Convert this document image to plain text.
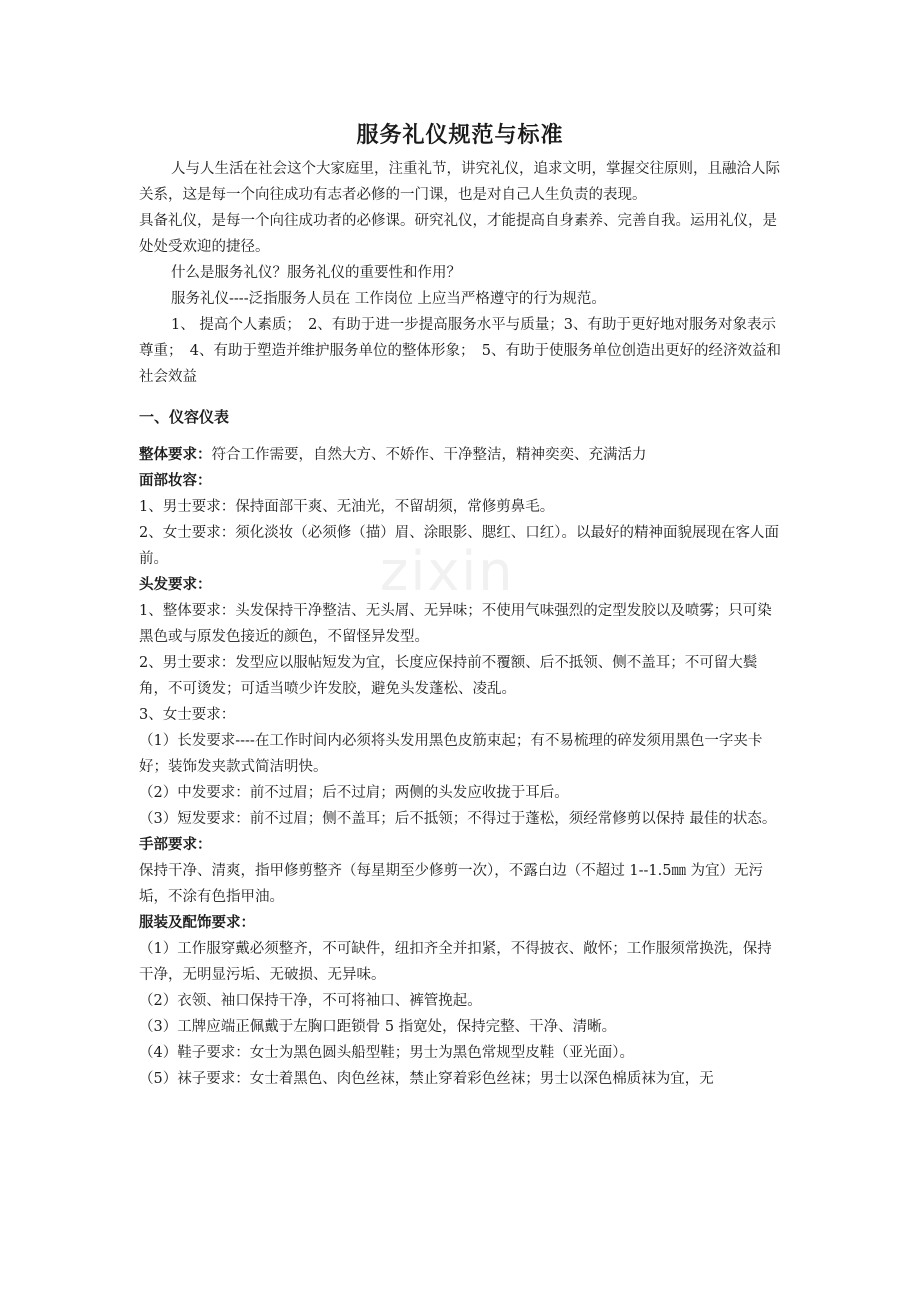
zixin
服务礼仪规范与标准

人与人生活在社会这个大家庭里，注重礼节，讲究礼仪，追求文明，掌握交往原则，且融洽人际关系，这是每一个向往成功有志者必修的一门课，也是对自己人生负责的表现。

具备礼仪，是每一个向往成功者的必修课。研究礼仪，才能提高自身素养、完善自我。运用礼仪，是处处受欢迎的捷径。

什么是服务礼仪？服务礼仪的重要性和作用？

服务礼仪----泛指服务人员在 工作岗位 上应当严格遵守的行为规范。

1、 提高个人素质；　2、有助于进一步提高服务水平与质量；3、有助于更好地对服务对象表示尊重；　4、有助于塑造并维护服务单位的整体形象；　5、有助于使服务单位创造出更好的经济效益和社会效益

一、仪容仪表

整体要求：符合工作需要，自然大方、不娇作、干净整洁，精神奕奕、充满活力

面部妆容：

1、男士要求：保持面部干爽、无油光，不留胡须，常修剪鼻毛。

2、女士要求：须化淡妆（必须修（描）眉、涂眼影、腮红、口红）。以最好的精神面貌展现在客人面前。

头发要求：

1、整体要求：头发保持干净整洁、无头屑、无异味；不使用气味强烈的定型发胶以及喷雾；只可染黑色或与原发色接近的颜色，不留怪异发型。

2、男士要求：发型应以服帖短发为宜，长度应保持前不覆额、后不抵领、侧不盖耳；不可留大鬓角，不可烫发；可适当喷少许发胶，避免头发蓬松、凌乱。

3、女士要求：

（1）长发要求----在工作时间内必须将头发用黑色皮筋束起；有不易梳理的碎发须用黑色一字夹卡好；装饰发夹款式简洁明快。

（2）中发要求：前不过眉；后不过肩；两侧的头发应收拢于耳后。

（3）短发要求：前不过眉；侧不盖耳；后不抵领；不得过于蓬松，须经常修剪以保持 最佳的状态。

手部要求：

保持干净、清爽，指甲修剪整齐（每星期至少修剪一次），不露白边（不超过 1--1.5㎜ 为宜）无污垢，不涂有色指甲油。

服装及配饰要求：

（1）工作服穿戴必须整齐，不可缺件，纽扣齐全并扣紧，不得披衣、敞怀；工作服须常换洗，保持干净，无明显污垢、无破损、无异味。

（2）衣领、袖口保持干净，不可将袖口、裤管挽起。

（3）工牌应端正佩戴于左胸口距锁骨 5 指宽处，保持完整、干净、清晰。

（4）鞋子要求：女士为黑色圆头船型鞋；男士为黑色常规型皮鞋（亚光面）。

（5）袜子要求：女士着黑色、肉色丝袜，禁止穿着彩色丝袜；男士以深色棉质袜为宜，无
